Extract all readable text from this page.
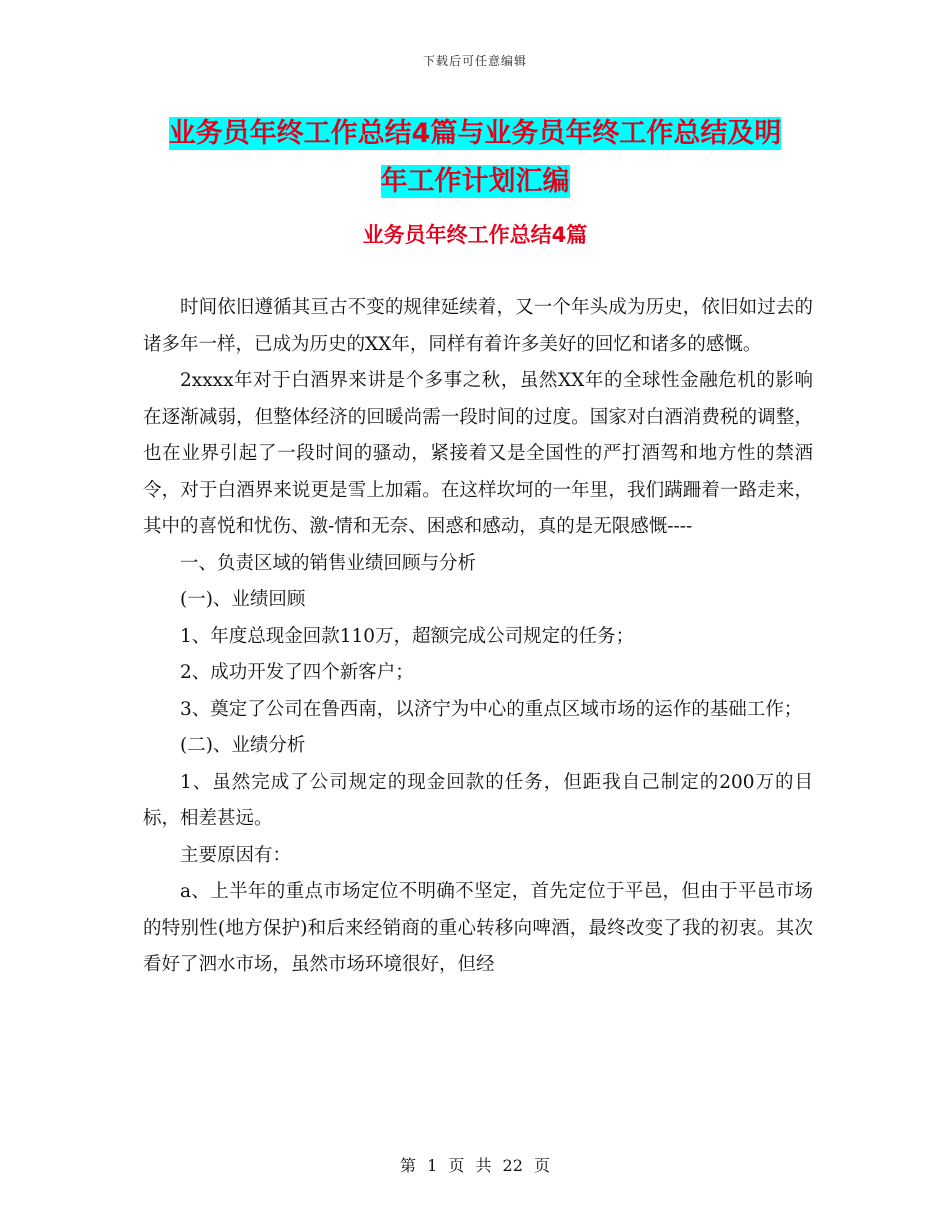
下载后可任意编辑
业务员年终工作总结4篇与业务员年终工作总结及明
年工作计划汇编
业务员年终工作总结4篇

时间依旧遵循其亘古不变的规律延续着，又一个年头成为历史，依旧如过去的诸多年一样，已成为历史的XX年，同样有着许多美好的回忆和诸多的感慨。

2xxxx年对于白酒界来讲是个多事之秋，虽然XX年的全球性金融危机的影响在逐渐减弱，但整体经济的回暖尚需一段时间的过度。国家对白酒消费税的调整，也在业界引起了一段时间的骚动，紧接着又是全国性的严打酒驾和地方性的禁酒令，对于白酒界来说更是雪上加霜。在这样坎坷的一年里，我们蹒跚着一路走来，其中的喜悦和忧伤、激-情和无奈、困惑和感动，真的是无限感慨----

一、负责区域的销售业绩回顾与分析

(一)、业绩回顾

1、年度总现金回款110万，超额完成公司规定的任务；

2、成功开发了四个新客户；

3、奠定了公司在鲁西南，以济宁为中心的重点区域市场的运作的基础工作；

(二)、业绩分析

1、虽然完成了公司规定的现金回款的任务，但距我自己制定的200万的目标，相差甚远。

主要原因有：

a、上半年的重点市场定位不明确不坚定，首先定位于平邑，但由于平邑市场的特别性(地方保护)和后来经销商的重心转移向啤酒，最终改变了我的初衷。其次看好了泗水市场，虽然市场环境很好，但经

第 1 页 共 22 页
